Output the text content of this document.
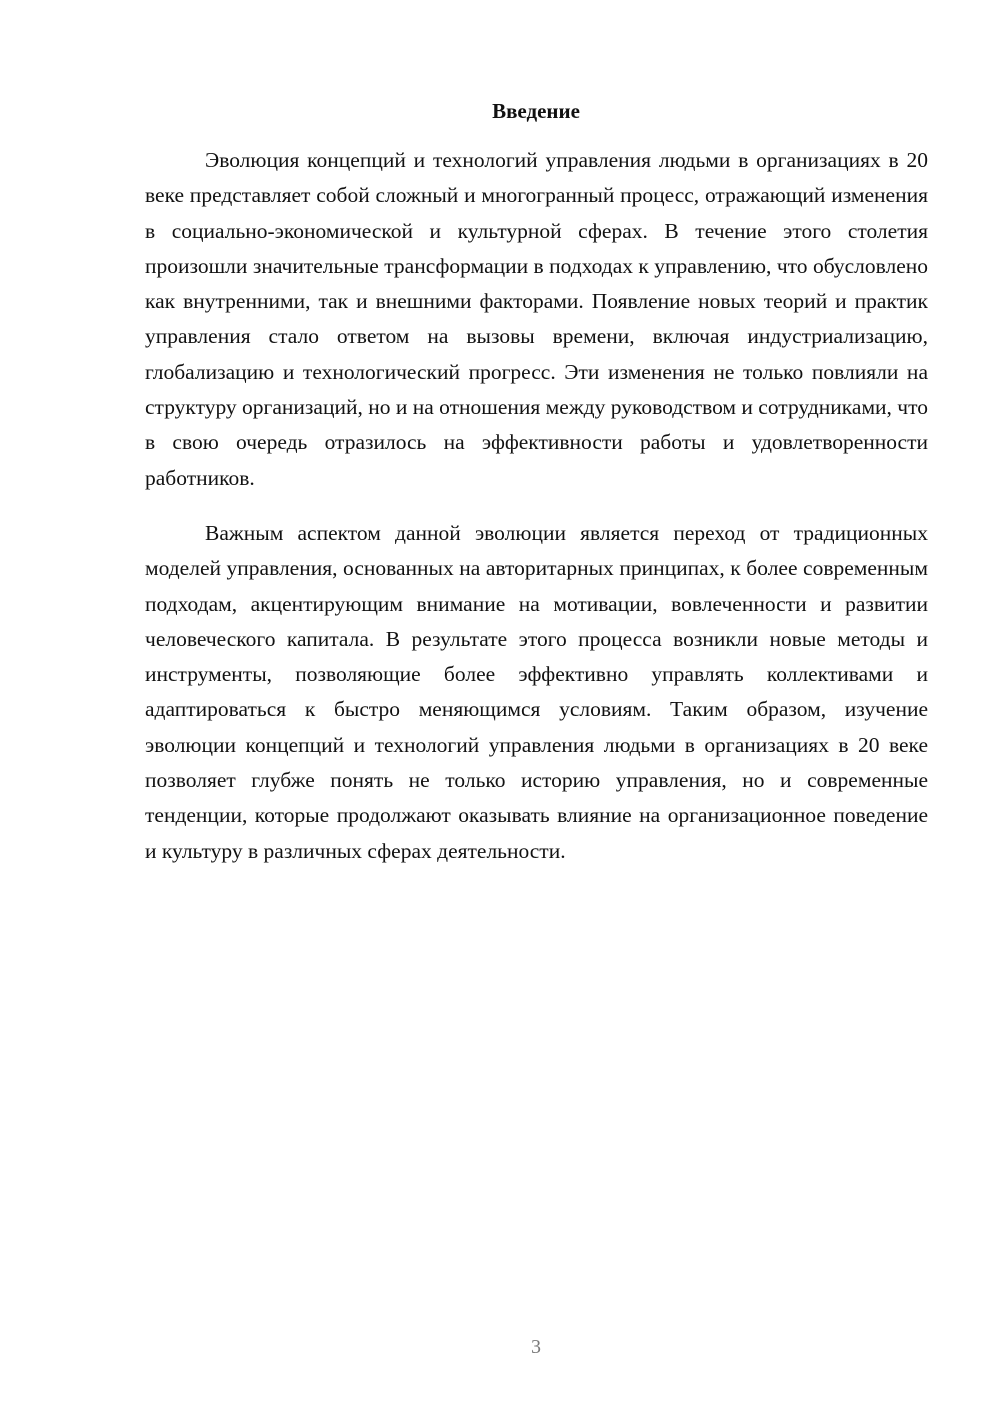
Введение

Эволюция концепций и технологий управления людьми в организациях в 20 веке представляет собой сложный и многогранный процесс, отражающий изменения в социально-экономической и культурной сферах. В течение этого столетия произошли значительные трансформации в подходах к управлению, что обусловлено как внутренними, так и внешними факторами. Появление новых теорий и практик управления стало ответом на вызовы времени, включая индустриализацию, глобализацию и технологический прогресс. Эти изменения не только повлияли на структуру организаций, но и на отношения между руководством и сотрудниками, что в свою очередь отразилось на эффективности работы и удовлетворенности работников.

Важным аспектом данной эволюции является переход от традиционных моделей управления, основанных на авторитарных принципах, к более современным подходам, акцентирующим внимание на мотивации, вовлеченности и развитии человеческого капитала. В результате этого процесса возникли новые методы и инструменты, позволяющие более эффективно управлять коллективами и адаптироваться к быстро меняющимся условиям. Таким образом, изучение эволюции концепций и технологий управления людьми в организациях в 20 веке позволяет глубже понять не только историю управления, но и современные тенденции, которые продолжают оказывать влияние на организационное поведение и культуру в различных сферах деятельности.

3
